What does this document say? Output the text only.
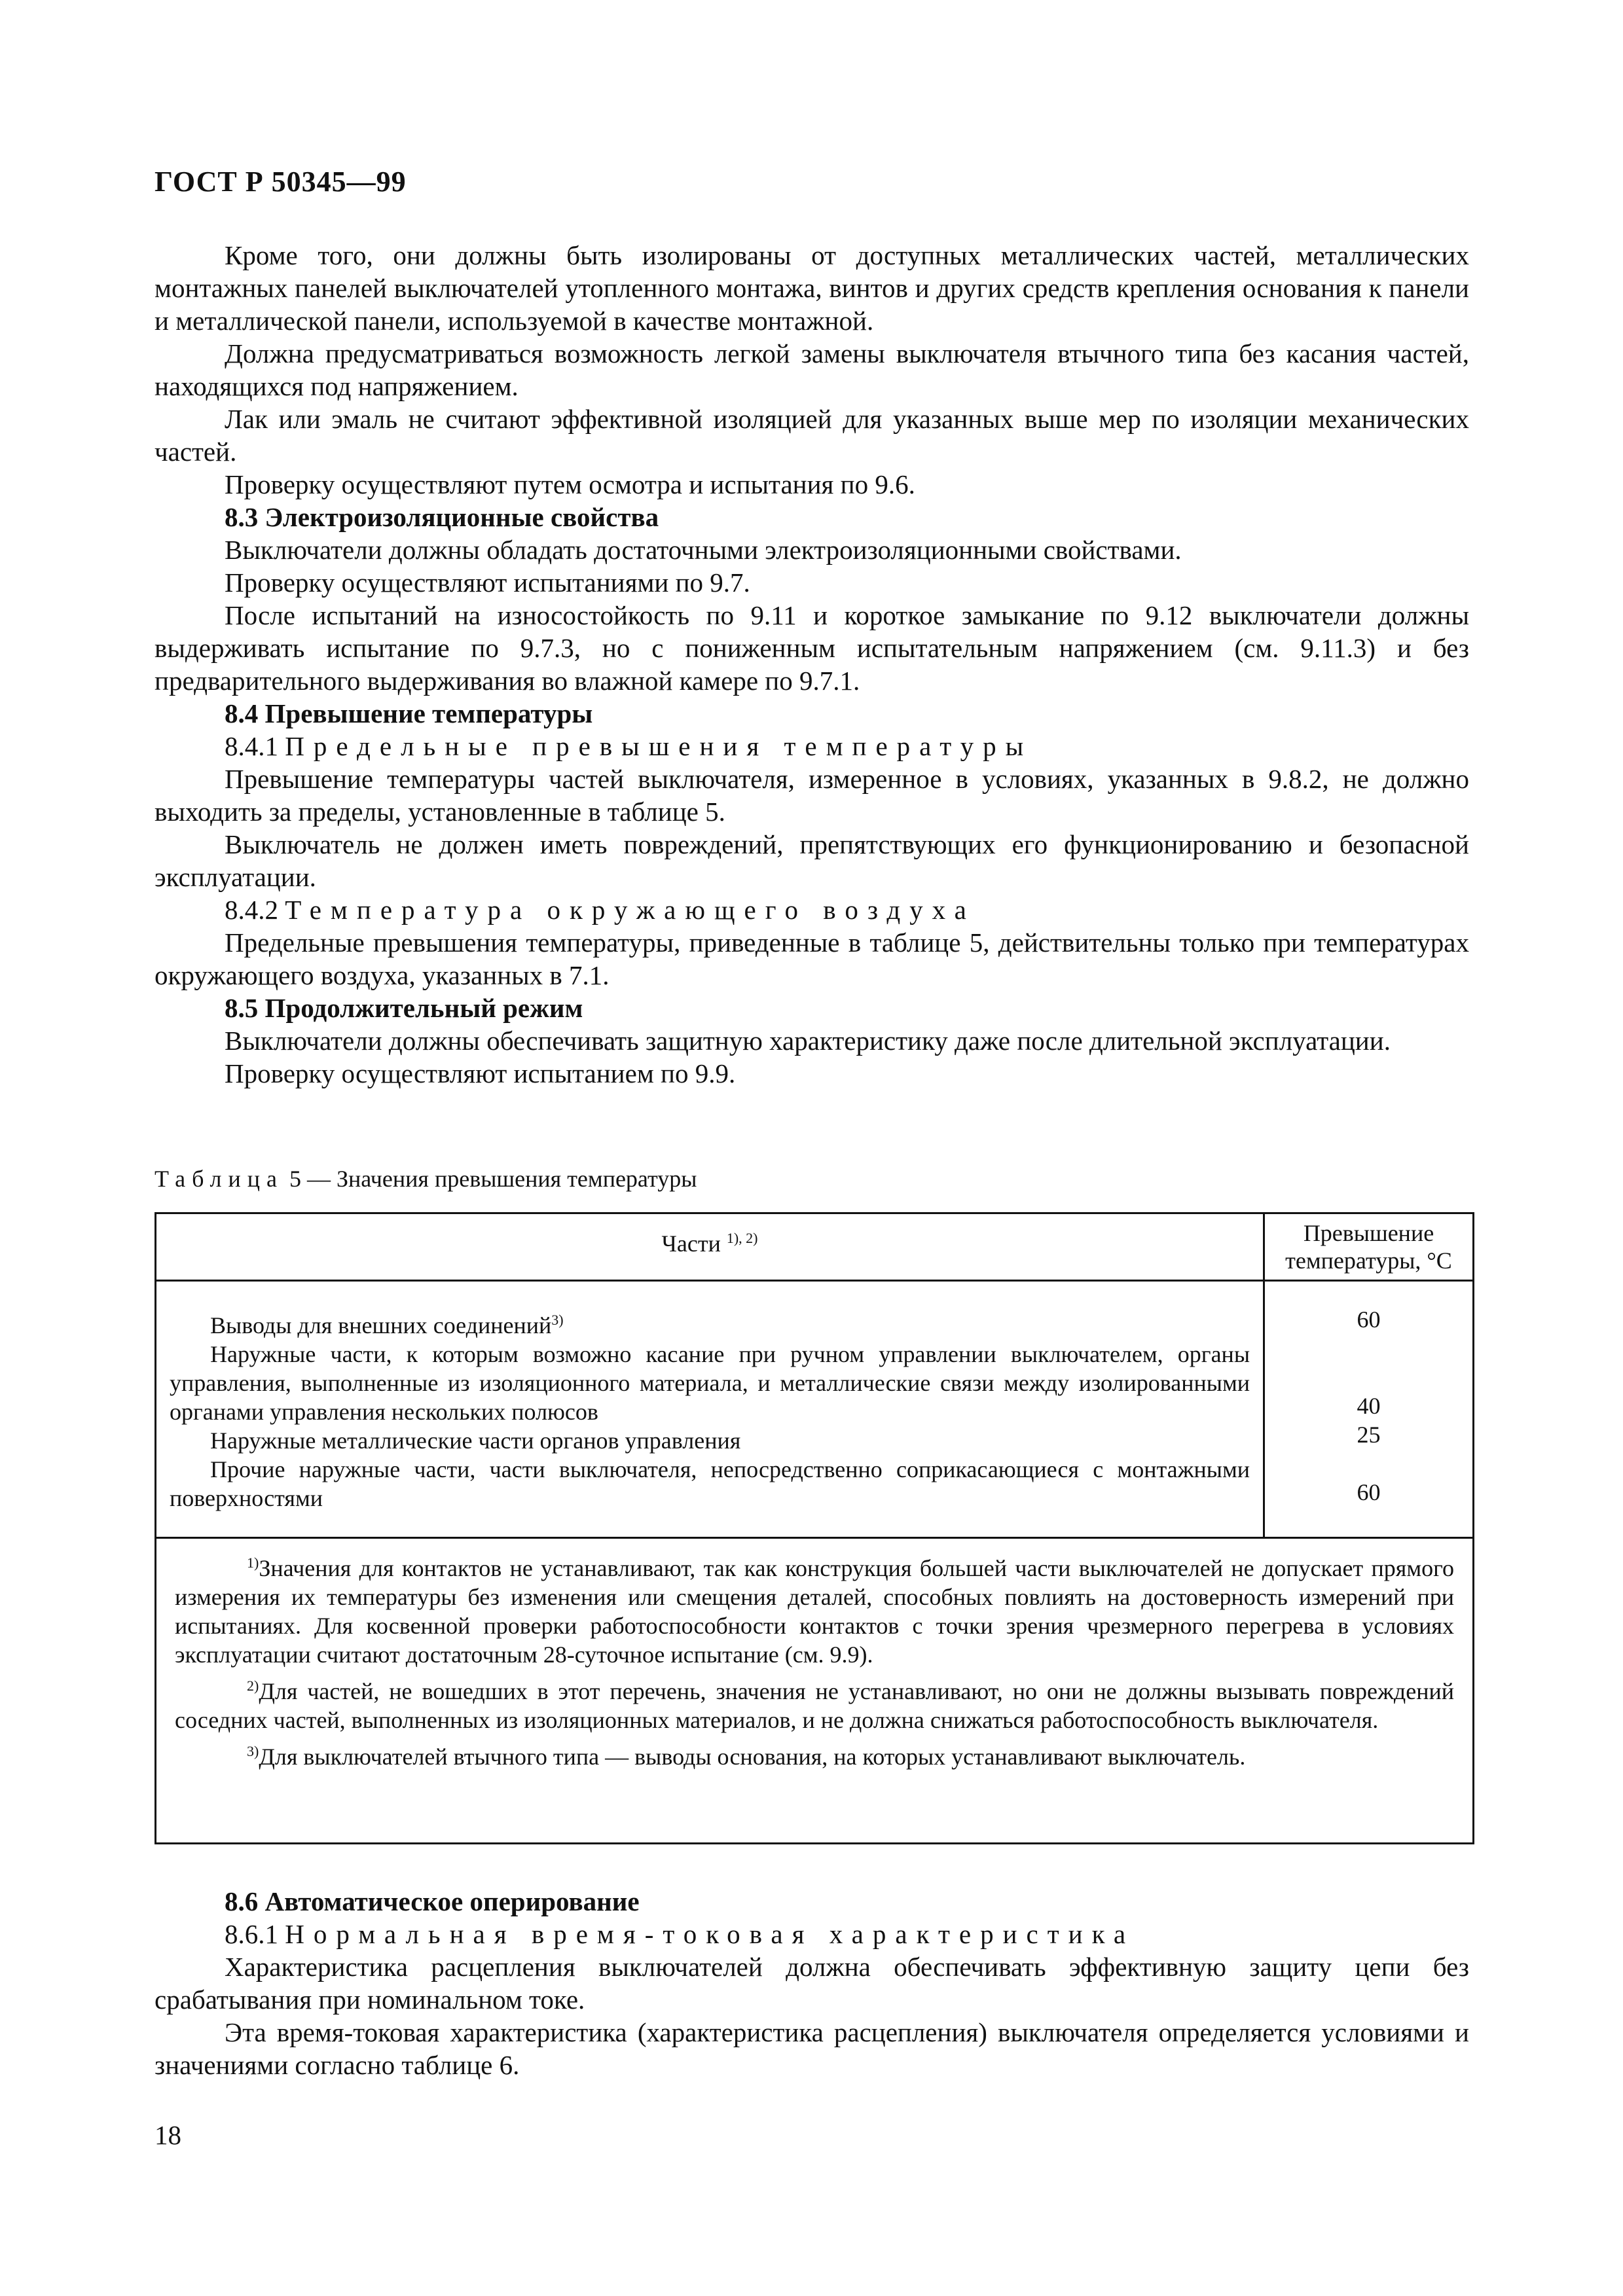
ГОСТ Р 50345—99

Кроме того, они должны быть изолированы от доступных металлических частей, металлических монтажных панелей выключателей утопленного монтажа, винтов и других средств крепления основания к панели и металлической панели, используемой в качестве монтажной.

Должна предусматриваться возможность легкой замены выключателя втычного типа без касания частей, находящихся под напряжением.

Лак или эмаль не считают эффективной изоляцией для указанных выше мер по изоляции механических частей.

Проверку осуществляют путем осмотра и испытания по 9.6.

8.3 Электроизоляционные свойства

Выключатели должны обладать достаточными электроизоляционными свойствами.

Проверку осуществляют испытаниями по 9.7.

После испытаний на износостойкость по 9.11 и короткое замыкание по 9.12 выключатели должны выдерживать испытание по 9.7.3, но с пониженным испытательным напряжением (см. 9.11.3) и без предварительного выдерживания во влажной камере по 9.7.1.

8.4 Превышение температуры

8.4.1 Предельные превышения температуры

Превышение температуры частей выключателя, измеренное в условиях, указанных в 9.8.2, не должно выходить за пределы, установленные в таблице 5.

Выключатель не должен иметь повреждений, препятствующих его функционированию и безопасной эксплуатации.

8.4.2 Температура окружающего воздуха

Предельные превышения температуры, приведенные в таблице 5, действительны только при температурах окружающего воздуха, указанных в 7.1.

8.5 Продолжительный режим

Выключатели должны обеспечивать защитную характеристику даже после длительной эксплуатации.

Проверку осуществляют испытанием по 9.9.

Таблица 5 — Значения превышения температуры
Части $^{1), 2)}$	Превышение
температуры, °С
Выводы для внешних соединений$^{3)}$
Наружные части, к которым возможно касание при ручном управлении выключателем, органы управления, выполненные из изоляционного материала, и металлические связи между изолированными органами управления нескольких полюсов
Наружные металлические части органов управления
Прочие наружные части, части выключателя, непосредственно соприкасающиеся с монтажными поверхностями
60
40
25
60

$^{1)}$Значения для контактов не устанавливают, так как конструкция большей части выключателей не допускает прямого измерения их температуры без изменения или смещения деталей, способных повлиять на достоверность измерений при испытаниях. Для косвенной проверки работоспособности контактов с точки зрения чрезмерного перегрева в условиях эксплуатации считают достаточным 28-суточное испытание (см. 9.9).

$^{2)}$Для частей, не вошедших в этот перечень, значения не устанавливают, но они не должны вызывать повреждений соседних частей, выполненных из изоляционных материалов, и не должна снижаться работоспособность выключателя.

$^{3)}$Для выключателей втычного типа — выводы основания, на которых устанавливают выключатель.

8.6 Автоматическое оперирование

8.6.1 Нормальная время-токовая характеристика

Характеристика расцепления выключателей должна обеспечивать эффективную защиту цепи без срабатывания при номинальном токе.

Эта время-токовая характеристика (характеристика расцепления) выключателя определяется условиями и значениями согласно таблице 6.

18
